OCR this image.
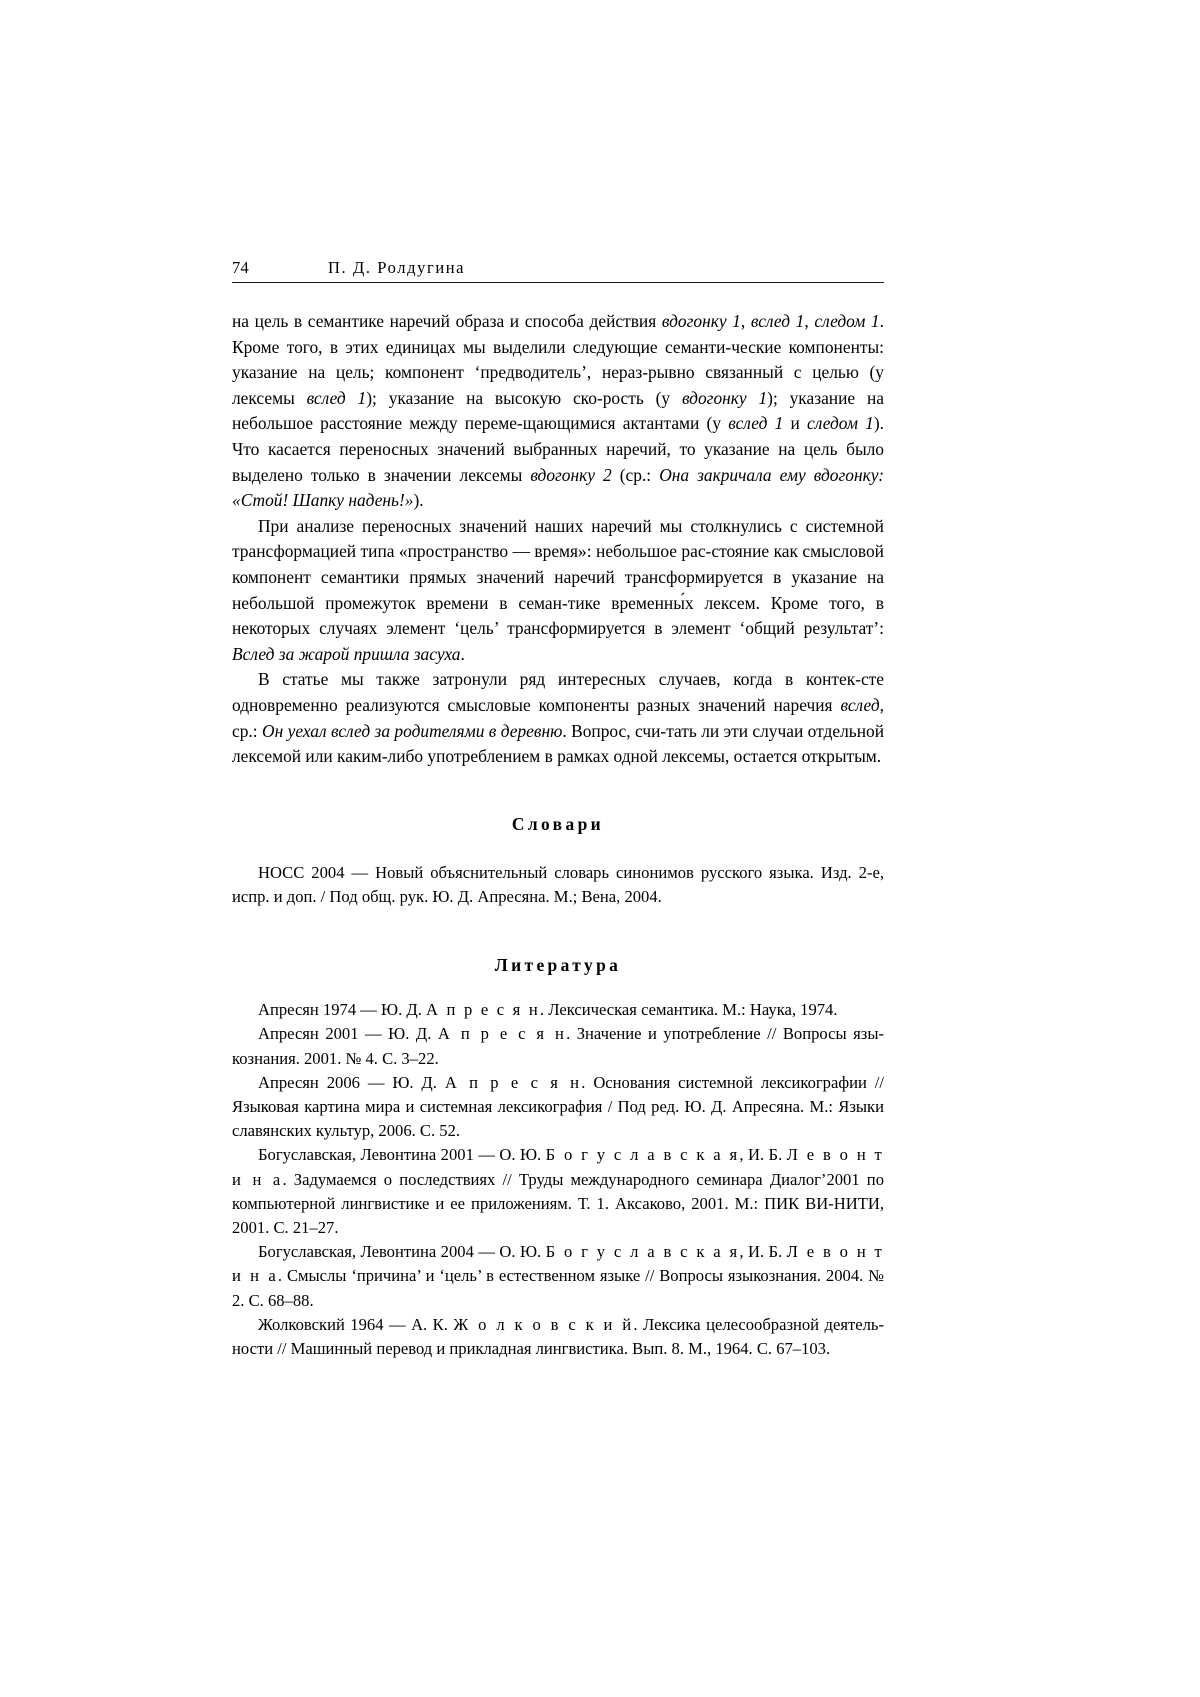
74	П. Д. Ролдугина

на цель в семантике наречий образа и способа действия вдогонку 1, вслед 1, следом 1. Кроме того, в этих единицах мы выделили следующие семанти-ческие компоненты: указание на цель; компонент ‘предводитель’, нераз-рывно связанный с целью (у лексемы вслед 1); указание на высокую ско-рость (у вдогонку 1); указание на небольшое расстояние между переме-щающимися актантами (у вслед 1 и следом 1). Что касается переносных значений выбранных наречий, то указание на цель было выделено только в значении лексемы вдогонку 2 (ср.: Она закричала ему вдогонку: «Стой! Шапку надень!»).

При анализе переносных значений наших наречий мы столкнулись с системной трансформацией типа «пространство — время»: небольшое рас-стояние как смысловой компонент семантики прямых значений наречий трансформируется в указание на небольшой промежуток времени в семан-тике временны́х лексем. Кроме того, в некоторых случаях элемент ‘цель’ трансформируется в элемент ‘общий результат’: Вслед за жарой пришла засуха.

В статье мы также затронули ряд интересных случаев, когда в контек-сте одновременно реализуются смысловые компоненты разных значений наречия вслед, ср.: Он уехал вслед за родителями в деревню. Вопрос, счи-тать ли эти случаи отдельной лексемой или каким-либо употреблением в рамках одной лексемы, остается открытым.

Словари

НОСС 2004 — Новый объяснительный словарь синонимов русского языка. Изд. 2-е, испр. и доп. / Под общ. рук. Ю. Д. Апресяна. М.; Вена, 2004.

Литература

Апресян 1974 — Ю. Д. А п р е с я н. Лексическая семантика. М.: Наука, 1974.

Апресян 2001 — Ю. Д. А п р е с я н. Значение и употребление // Вопросы язы-кознания. 2001. № 4. С. 3–22.

Апресян 2006 — Ю. Д. А п р е с я н. Основания системной лексикографии // Языковая картина мира и системная лексикография / Под ред. Ю. Д. Апресяна. М.: Языки славянских культур, 2006. С. 52.

Богуславская, Левонтина 2001 — О. Ю. Б о г у с л а в с к а я, И. Б. Л е в о н т и н а. Задумаемся о последствиях // Труды международного семинара Диалог’2001 по компьютерной лингвистике и ее приложениям. Т. 1. Аксаково, 2001. М.: ПИК ВИ-НИТИ, 2001. С. 21–27.

Богуславская, Левонтина 2004 — О. Ю. Б о г у с л а в с к а я, И. Б. Л е в о н т и н а. Смыслы ‘причина’ и ‘цель’ в естественном языке // Вопросы языкознания. 2004. № 2. С. 68–88.

Жолковский 1964 — А. К. Ж о л к о в с к и й. Лексика целесообразной деятель-ности // Машинный перевод и прикладная лингвистика. Вып. 8. М., 1964. С. 67–103.
